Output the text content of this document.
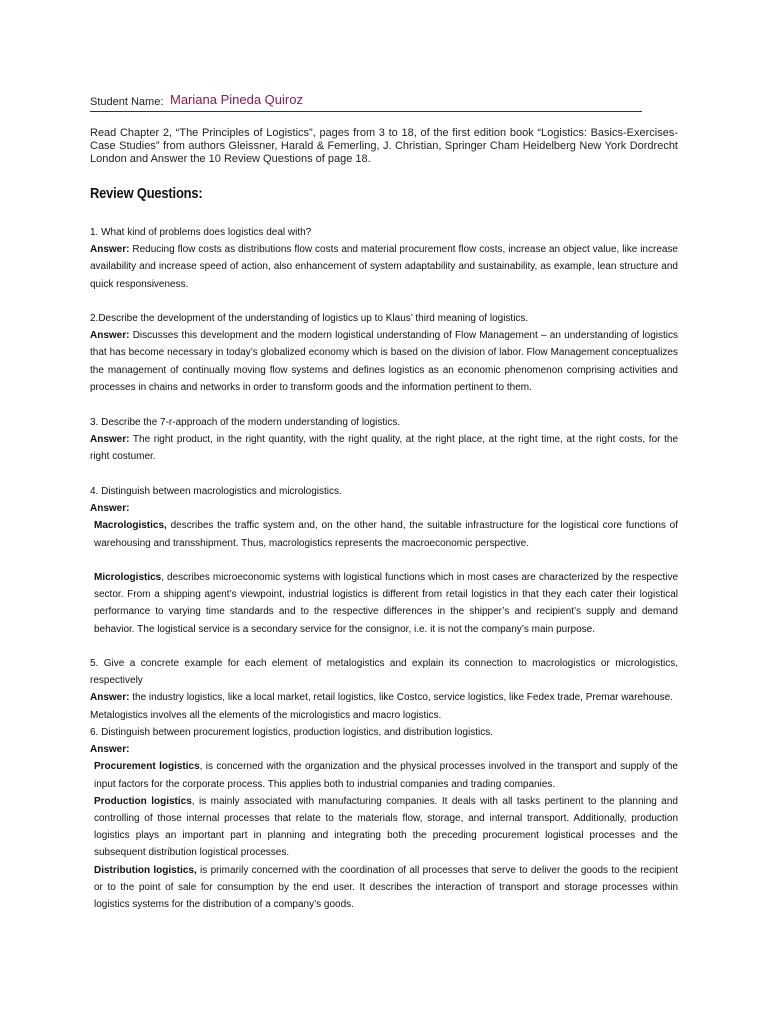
Student Name: Mariana Pineda Quiroz
Read Chapter 2, “The Principles of Logistics”, pages from 3 to 18, of the first edition book “Logistics: Basics-Exercises-Case Studies” from authors Gleissner, Harald & Femerling, J. Christian, Springer Cham Heidelberg New York Dordrecht London and Answer the 10 Review Questions of page 18.
Review Questions:

1. What kind of problems does logistics deal with?

Answer: Reducing flow costs as distributions flow costs and material procurement flow costs, increase an object value, like increase availability and increase speed of action, also enhancement of system adaptability and sustainability, as example, lean structure and quick responsiveness.

2.Describe the development of the understanding of logistics up to Klaus’ third meaning of logistics.

Answer: Discusses this development and the modern logistical understanding of Flow Management – an understanding of logistics that has become necessary in today’s globalized economy which is based on the division of labor. Flow Management conceptualizes the management of continually moving flow systems and defines logistics as an economic phenomenon comprising activities and processes in chains and networks in order to transform goods and the information pertinent to them.

3. Describe the 7-r-approach of the modern understanding of logistics.

Answer: The right product, in the right quantity, with the right quality, at the right place, at the right time, at the right costs, for the right costumer.

4. Distinguish between macrologistics and micrologistics.

Answer:

Macrologistics, describes the traffic system and, on the other hand, the suitable infrastructure for the logistical core functions of warehousing and transshipment. Thus, macrologistics represents the macroeconomic perspective.

Micrologistics, describes microeconomic systems with logistical functions which in most cases are characterized by the respective sector. From a shipping agent’s viewpoint, industrial logistics is different from retail logistics in that they each cater their logistical performance to varying time standards and to the respective differences in the shipper’s and recipient’s supply and demand behavior. The logistical service is a secondary service for the consignor, i.e. it is not the company’s main purpose.

5. Give a concrete example for each element of metalogistics and explain its connection to macrologistics or micrologistics, respectively

Answer: the industry logistics, like a local market, retail logistics, like Costco, service logistics, like Fedex trade, Premar warehouse.

Metalogistics involves all the elements of the micrologistics and macro logistics.

6. Distinguish between procurement logistics, production logistics, and distribution logistics.

Answer:

Procurement logistics, is concerned with the organization and the physical processes involved in the transport and supply of the input factors for the corporate process. This applies both to industrial companies and trading companies.

Production logistics, is mainly associated with manufacturing companies. It deals with all tasks pertinent to the planning and controlling of those internal processes that relate to the materials flow, storage, and internal transport. Additionally, production logistics plays an important part in planning and integrating both the preceding procurement logistical processes and the subsequent distribution logistical processes.

Distribution logistics, is primarily concerned with the coordination of all processes that serve to deliver the goods to the recipient or to the point of sale for consumption by the end user. It describes the interaction of transport and storage processes within logistics systems for the distribution of a company’s goods.
